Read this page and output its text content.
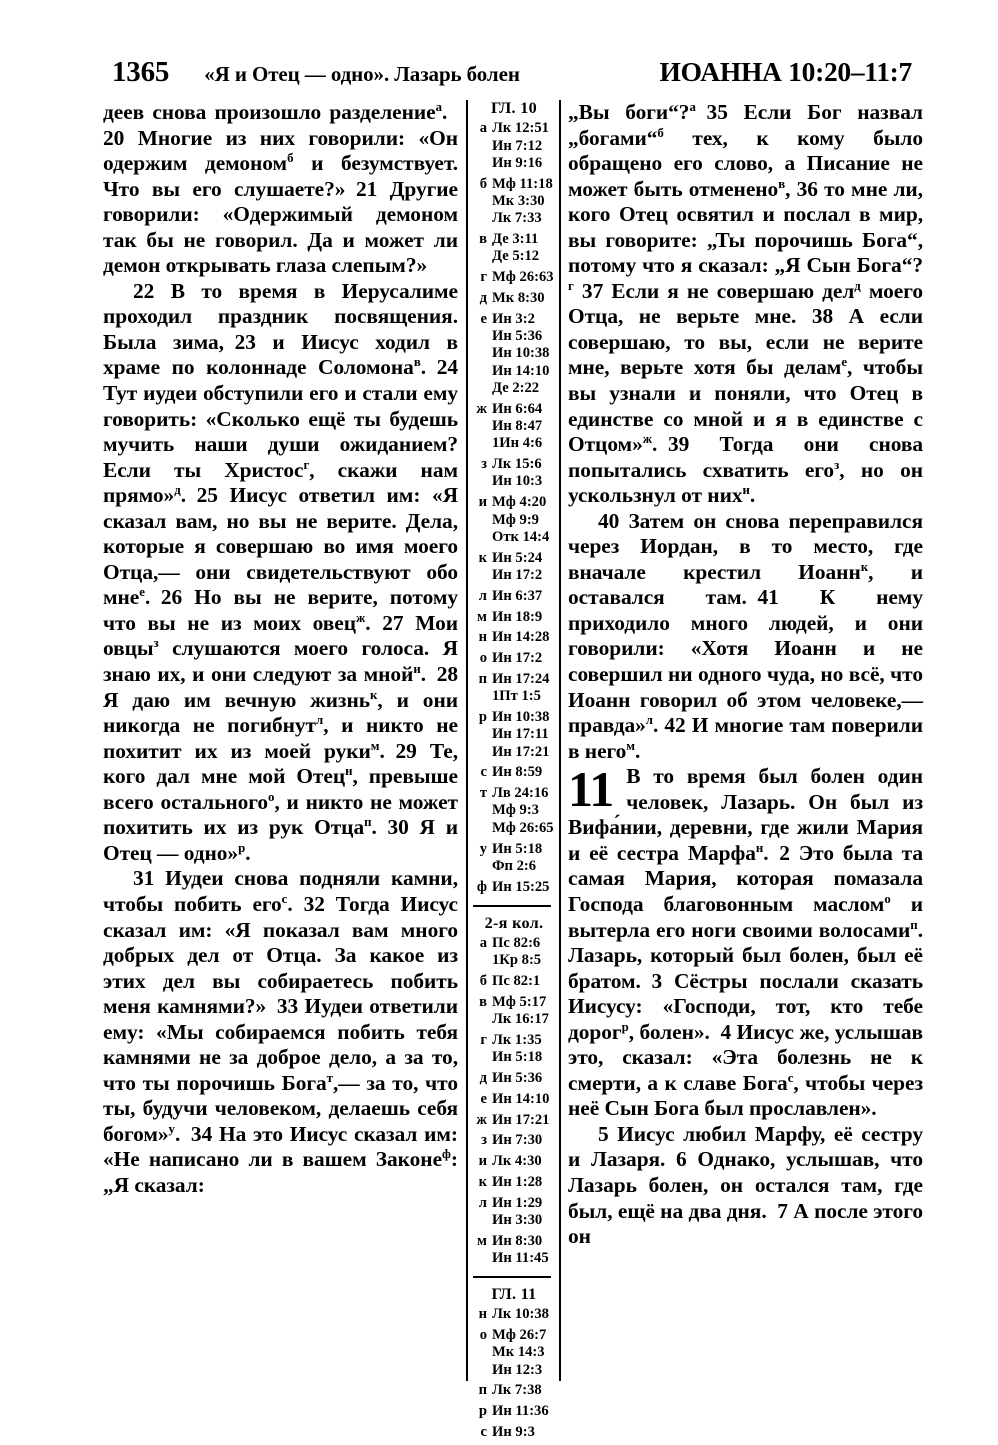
1365 «Я и Отец — одно». Лазарь болен	ИОАННА 10:20–11:7

деев снова произошло разделение$^а$. 20 Многие из них говорили: «Он одержим демоном$^б$ и безумствует. Что вы его слушаете?» 21 Другие говорили: «Одержимый демоном так бы не говорил. Да и может ли демон открывать глаза слепым?»

22 В то время в Иерусалиме проходил праздник посвящения. Была зима, 23 и Иисус ходил в храме по колоннаде Соломона$^в$. 24 Тут иудеи обступили его и стали ему говорить: «Сколько ещё ты будешь мучить наши души ожиданием? Если ты Христос$^г$, скажи нам прямо»$^д$. 25 Иисус ответил им: «Я сказал вам, но вы не верите. Дела, которые я совершаю во имя моего Отца,— они свидетельствуют обо мне$^е$. 26 Но вы не верите, потому что вы не из моих овец$^ж$. 27 Мои овцы$^з$ слушаются моего голоса. Я знаю их, и они следуют за мной$^и$. 28 Я даю им вечную жизнь$^к$, и они никогда не погибнут$^л$, и никто не похитит их из моей руки$^м$. 29 Те, кого дал мне мой Отец$^н$, превыше всего остального$^о$, и никто не может похитить их из рук Отца$^п$. 30 Я и Отец — одно»$^р$.

31 Иудеи снова подняли камни, чтобы побить его$^с$. 32 Тогда Иисус сказал им: «Я показал вам много добрых дел от Отца. За какое из этих дел вы собираетесь побить меня камнями?» 33 Иудеи ответили ему: «Мы собираемся побить тебя камнями не за доброе дело, а за то, что ты порочишь Бога$^т$,— за то, что ты, будучи человеком, делаешь себя богом»$^у$. 34 На это Иисус сказал им: «Не написано ли в вашем Законе$^ф$: „Я сказал:

ГЛ. 10
а Лк 12:51
Ин 7:12
Ин 9:16
б Мф 11:18
Мк 3:30
Лк 7:33
в Де 3:11
Де 5:12
г Мф 26:63
д Мк 8:30
е Ин 3:2
Ин 5:36
Ин 10:38
Ин 14:10
Де 2:22
ж Ин 6:64
Ин 8:47
1Ин 4:6
з Лк 15:6
Ин 10:3
и Мф 4:20
Мф 9:9
Отк 14:4
к Ин 5:24
Ин 17:2
л Ин 6:37
м Ин 18:9
н Ин 14:28
о Ин 17:2
п Ин 17:24
1Пт 1:5
р Ин 10:38
Ин 17:11
Ин 17:21
с Ин 8:59
т Лв 24:16
Мф 9:3
Мф 26:65
у Ин 5:18
Фп 2:6
ф Ин 15:25
2-я кол.
а Пс 82:6
1Кр 8:5
б Пс 82:1
в Мф 5:17
Лк 16:17
г Лк 1:35
Ин 5:18
д Ин 5:36
е Ин 14:10
ж Ин 17:21
з Ин 7:30
и Лк 4:30
к Ин 1:28
л Ин 1:29
Ин 3:30
м Ин 8:30
Ин 11:45
ГЛ. 11
н Лк 10:38
о Мф 26:7
Мк 14:3
Ин 12:3
п Лк 7:38
р Ин 11:36
с Ин 9:3

„Вы боги“?$^а$  35 Если Бог назвал „богами“$^б$ тех, к кому было обращено его слово, а Писание не может быть отменено$^в$, 36 то мне ли, кого Отец освятил и послал в мир, вы говорите: „Ты порочишь Бога“, потому что я сказал: „Я Сын Бога“?$^г$ 37 Если я не совершаю дел$^д$ моего Отца, не верьте мне. 38 А если совершаю, то вы, если не верите мне, верьте хотя бы делам$^е$, чтобы вы узнали и поняли, что Отец в единстве со мной и я в единстве с Отцом»$^ж$. 39 Тогда они снова попытались схватить его$^з$, но он ускользнул от них$^и$.

40 Затем он снова переправился через Иордан, в то место, где вначале крестил Иоанн$^к$, и оставался там. 41 К нему приходило много людей, и они говорили: «Хотя Иоанн и не совершил ни одного чуда, но всё, что Иоанн говорил об этом человеке,— правда»$^л$. 42 И многие там поверили в него$^м$.

11 В то время был болен один человек, Лазарь. Он был из Вифа́нии, деревни, где жили Мария и её сестра Марфа$^н$. 2 Это была та самая Мария, которая помазала Господа благовонным маслом$^о$ и вытерла его ноги своими волосами$^п$. Лазарь, который был болен, был её братом. 3 Сёстры послали сказать Иисусу: «Господи, тот, кто тебе дорог$^р$, болен». 4 Иисус же, услышав это, сказал: «Эта болезнь не к смерти, а к славе Бога$^с$, чтобы через неё Сын Бога был прославлен».

5 Иисус любил Марфу, её сестру и Лазаря. 6 Однако, услышав, что Лазарь болен, он остался там, где был, ещё на два дня. 7 А после этого он
